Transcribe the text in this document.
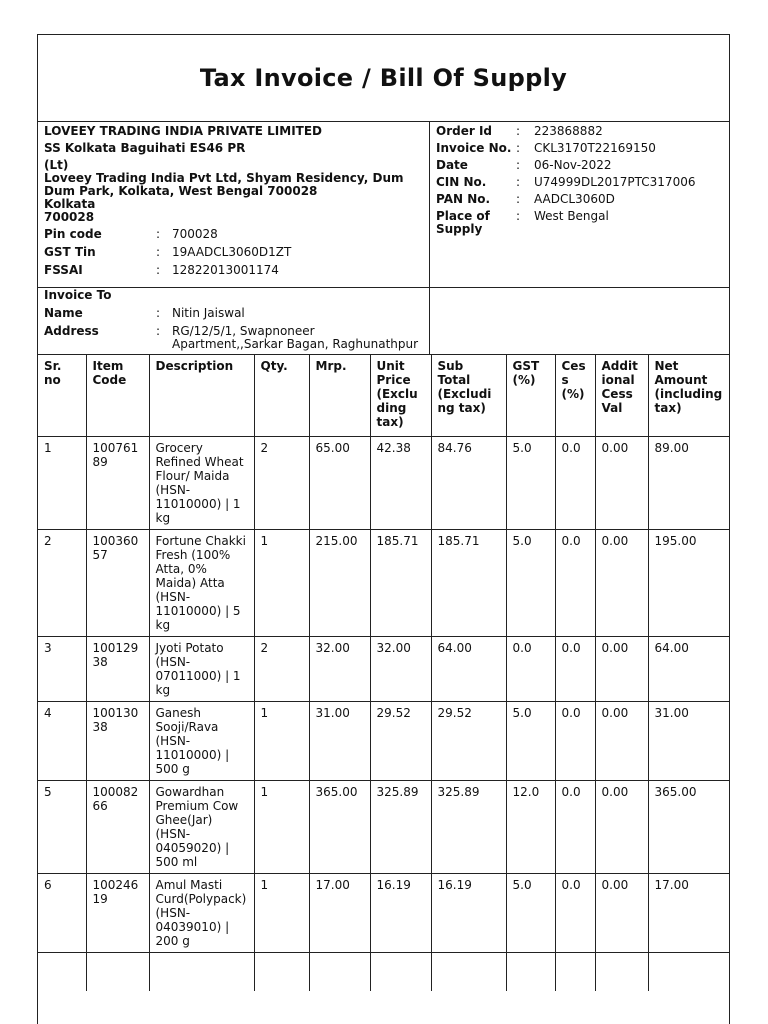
Tax Invoice / Bill Of Supply
LOVEEY TRADING INDIA PRIVATE LIMITED
SS Kolkata Baguihati ES46 PR
(Lt)
Loveey Trading India Pvt Ltd, Shyam Residency, Dum Dum Park, Kolkata, West Bengal 700028
Kolkata
700028
Pin code	: 700028
GST Tin	: 19AADCL3060D1ZT
FSSAI	: 12822013001174
Order Id	:	223868882
Invoice No. :	CKL3170T22169150
Date	:	06-Nov-2022
CIN No.	:	U74999DL2017PTC317006
PAN No.	:	AADCL3060D
Place of Supply
:	West Bengal
Invoice To
Name	: Nitin Jaiswal
Address	: RG/12/5/1, Swapnoneer Apartment,,Sarkar Bagan, Raghunathpur
Sr. no	Item Code	Description	Qty.	Mrp.	Unit Price (Excluding tax)	Sub Total (Excluding tax)	GST (%)	Cess (%)	Additional Cess Val	Net Amount (including tax)
1	10076189	Grocery Refined Wheat Flour/ Maida (HSN-11010000) | 1 kg	2	65.00	42.38	84.76	5.0	0.0	0.00	89.00
2	10036057	Fortune Chakki Fresh (100% Atta, 0% Maida) Atta (HSN-11010000) | 5 kg	1	215.00	185.71	185.71	5.0	0.0	0.00	195.00
3	10012938	Jyoti Potato (HSN-07011000) | 1 kg	2	32.00	32.00	64.00	0.0	0.0	0.00	64.00
4	10013038	Ganesh Sooji/Rava (HSN-11010000) | 500 g	1	31.00	29.52	29.52	5.0	0.0	0.00	31.00
5	10008266	Gowardhan Premium Cow Ghee(Jar) (HSN-04059020) | 500 ml	1	365.00	325.89	325.89	12.0	0.0	0.00	365.00
6	10024619	Amul Masti Curd(Polypack) (HSN-04039010) | 200 g	1	17.00	16.19	16.19	5.0	0.0	0.00	17.00
